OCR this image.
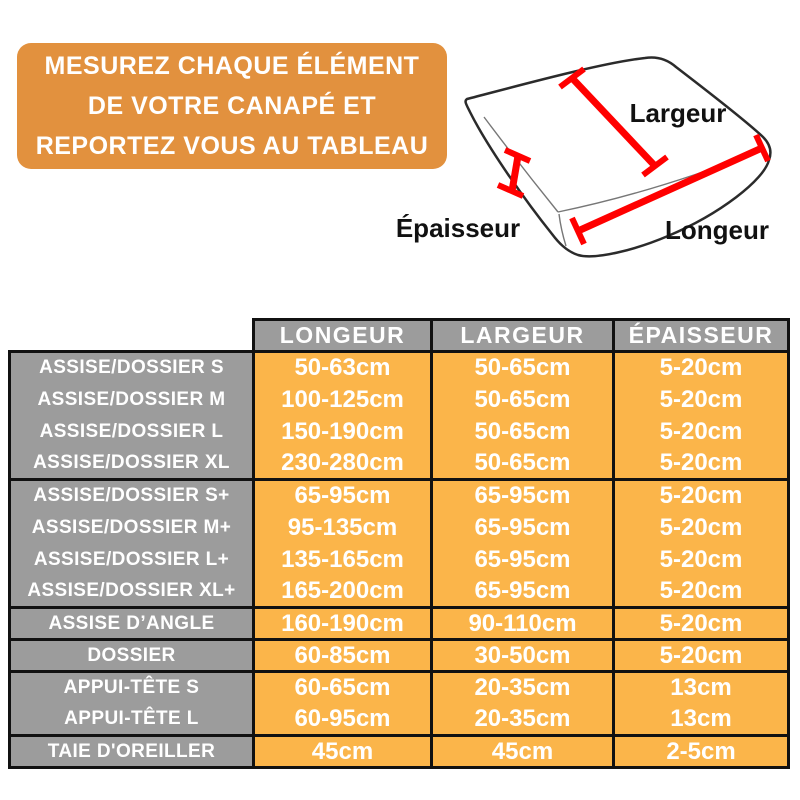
MESUREZ CHAQUE ÉLÉMENT
DE VOTRE CANAPÉ ET
REPORTEZ VOUS AU TABLEAU
Largeur
Épaisseur	Longeur
	LONGEUR	LARGEUR	ÉPAISSEUR
ASSISE/DOSSIER S	50-63cm	50-65cm	5-20cm
ASSISE/DOSSIER M	100-125cm	50-65cm	5-20cm
ASSISE/DOSSIER L	150-190cm	50-65cm	5-20cm
ASSISE/DOSSIER XL	230-280cm	50-65cm	5-20cm
ASSISE/DOSSIER S+	65-95cm	65-95cm	5-20cm
ASSISE/DOSSIER M+	95-135cm	65-95cm	5-20cm
ASSISE/DOSSIER L+	135-165cm	65-95cm	5-20cm
ASSISE/DOSSIER XL+	165-200cm	65-95cm	5-20cm
ASSISE D’ANGLE	160-190cm	90-110cm	5-20cm
DOSSIER	60-85cm	30-50cm	5-20cm
APPUI-TÊTE S	60-65cm	20-35cm	13cm
APPUI-TÊTE L	60-95cm	20-35cm	13cm
TAIE D'OREILLER	45cm	45cm	2-5cm
